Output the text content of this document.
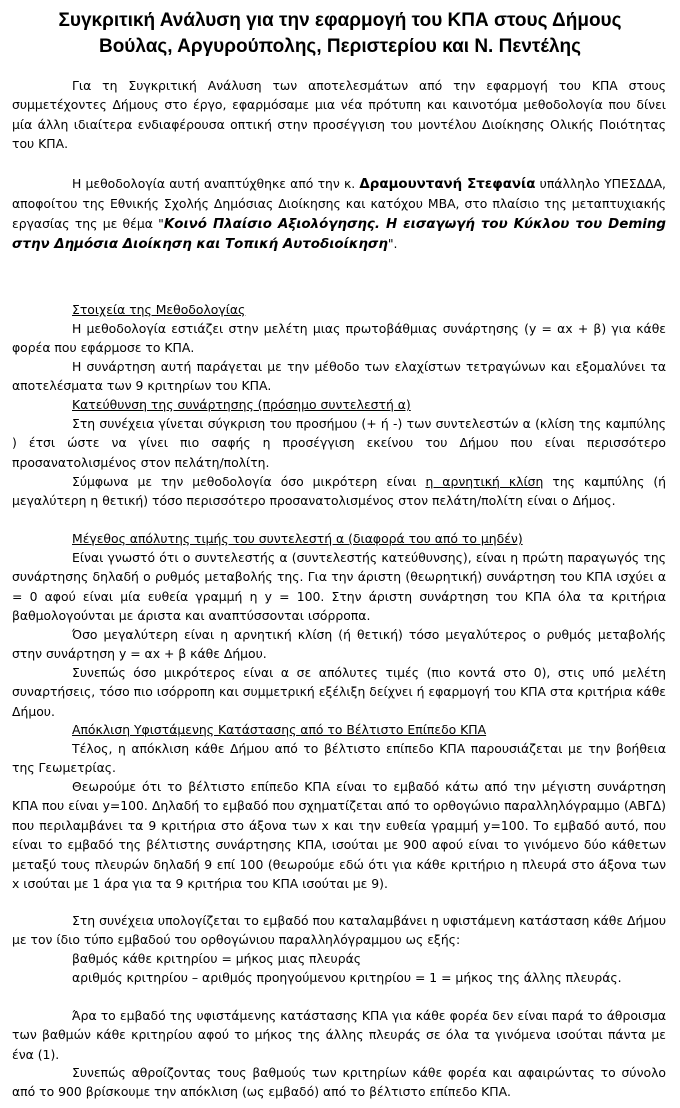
Συγκριτική Ανάλυση για την εφαρμογή του ΚΠΑ στους Δήμους
Βούλας, Αργυρούπολης, Περιστερίου και Ν. Πεντέλης

Για τη Συγκριτική Ανάλυση των αποτελεσμάτων από την εφαρμογή του ΚΠΑ στους συμμετέχοντες Δήμους στο έργο, εφαρμόσαμε μια νέα πρότυπη και καινοτόμα μεθοδολογία που δίνει μία άλλη ιδιαίτερα ενδιαφέρουσα οπτική στην προσέγγιση του μοντέλου Διοίκησης Ολικής Ποιότητας του ΚΠΑ.

Η μεθοδολογία αυτή αναπτύχθηκε από την κ. Δραμουντανή Στεφανία υπάλληλο ΥΠΕΣΔΔΑ, αποφοίτου της Εθνικής Σχολής Δημόσιας Διοίκησης και κατόχου MBA, στο πλαίσιο της μεταπτυχιακής εργασίας της με θέμα "Κοινό Πλαίσιο Αξιολόγησης. Η εισαγωγή του Κύκλου του Deming στην Δημόσια Διοίκηση και Τοπική Αυτοδιοίκηση".

Στοιχεία της Μεθοδολογίας

Η μεθοδολογία εστιάζει στην μελέτη μιας πρωτοβάθμιας συνάρτησης (y = αx + β) για κάθε φορέα που εφάρμοσε το ΚΠΑ.

Η συνάρτηση αυτή παράγεται με την μέθοδο των ελαχίστων τετραγώνων και εξομαλύνει τα αποτελέσματα των 9 κριτηρίων του ΚΠΑ.

Κατεύθυνση της συνάρτησης (πρόσημο συντελεστή α)

Στη συνέχεια γίνεται σύγκριση του προσήμου (+ ή -) των συντελεστών α (κλίση της καμπύλης ) έτσι ώστε να γίνει πιο σαφής η προσέγγιση εκείνου του Δήμου που είναι περισσότερο προσανατολισμένος στον πελάτη/πολίτη.

Σύμφωνα με την μεθοδολογία όσο μικρότερη είναι η αρνητική κλίση της καμπύλης (ή μεγαλύτερη η θετική) τόσο περισσότερο προσανατολισμένος στον πελάτη/πολίτη είναι ο Δήμος.

Μέγεθος απόλυτης τιμής του συντελεστή α (διαφορά του από το μηδέν)

Είναι γνωστό ότι ο συντελεστής α (συντελεστής κατεύθυνσης), είναι η πρώτη παραγωγός της συνάρτησης δηλαδή ο ρυθμός μεταβολής της. Για την άριστη (θεωρητική) συνάρτηση του ΚΠΑ ισχύει α = 0 αφού είναι μία ευθεία γραμμή η y = 100. Στην άριστη συνάρτηση του ΚΠΑ όλα τα κριτήρια βαθμολογούνται με άριστα και αναπτύσσονται ισόρροπα.

Όσο μεγαλύτερη είναι η αρνητική κλίση (ή θετική) τόσο μεγαλύτερος ο ρυθμός μεταβολής στην συνάρτηση y = αx + β κάθε Δήμου.

Συνεπώς όσο μικρότερος είναι α σε απόλυτες τιμές (πιο κοντά στο 0), στις υπό μελέτη συναρτήσεις, τόσο πιο ισόρροπη και συμμετρική εξέλιξη δείχνει ή εφαρμογή του ΚΠΑ στα κριτήρια κάθε Δήμου.

Απόκλιση Υφιστάμενης Κατάστασης από το Βέλτιστο Επίπεδο ΚΠΑ

Τέλος, η απόκλιση κάθε Δήμου από το βέλτιστο επίπεδο ΚΠΑ παρουσιάζεται με την βοήθεια της Γεωμετρίας.

Θεωρούμε ότι το βέλτιστο επίπεδο ΚΠΑ είναι το εμβαδό κάτω από την μέγιστη συνάρτηση ΚΠΑ που είναι y=100. Δηλαδή το εμβαδό που σχηματίζεται από το ορθογώνιο παραλληλόγραμμο (ΑΒΓΔ) που περιλαμβάνει τα 9 κριτήρια στο άξονα των x και την ευθεία γραμμή y=100. Το εμβαδό αυτό, που είναι το εμβαδό της βέλτιστης συνάρτησης ΚΠΑ, ισούται με 900 αφού είναι το γινόμενο δύο κάθετων μεταξύ τους πλευρών δηλαδή 9 επί 100 (θεωρούμε εδώ ότι για κάθε κριτήριο η πλευρά στο άξονα των x ισούται με 1 άρα για τα 9 κριτήρια του ΚΠΑ ισούται με 9).

Στη συνέχεια υπολογίζεται το εμβαδό που καταλαμβάνει η υφιστάμενη κατάσταση κάθε Δήμου με τον ίδιο τύπο εμβαδού του ορθογώνιου παραλληλόγραμμου ως εξής:

βαθμός κάθε κριτηρίου = μήκος μιας πλευράς

αριθμός κριτηρίου – αριθμός προηγούμενου κριτηρίου = 1 = μήκος της άλλης πλευράς.

Άρα το εμβαδό της υφιστάμενης κατάστασης ΚΠΑ για κάθε φορέα δεν είναι παρά το άθροισμα των βαθμών κάθε κριτηρίου αφού το μήκος της άλλης πλευράς σε όλα τα γινόμενα ισούται πάντα με ένα (1).

Συνεπώς αθροίζοντας τους βαθμούς των κριτηρίων κάθε φορέα και αφαιρώντας το σύνολο από το 900 βρίσκουμε την απόκλιση (ως εμβαδό) από το βέλτιστο επίπεδο ΚΠΑ.
